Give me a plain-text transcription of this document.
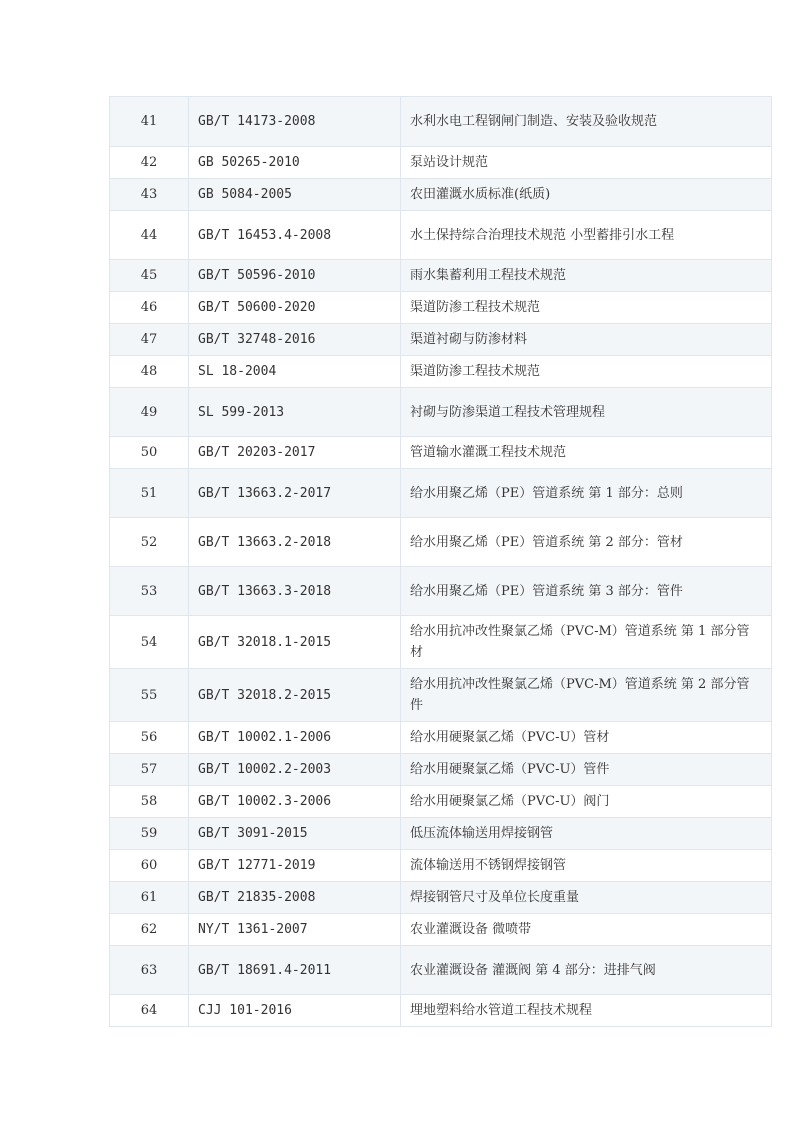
41	GB/T 14173-2008	水利水电工程钢闸门制造、安装及验收规范
42	GB 50265-2010	泵站设计规范
43	GB 5084-2005	农田灌溉水质标准(纸质)
44	GB/T 16453.4-2008	水土保持综合治理技术规范 小型蓄排引水工程
45	GB/T 50596-2010	雨水集蓄利用工程技术规范
46	GB/T 50600-2020	渠道防渗工程技术规范
47	GB/T 32748-2016	渠道衬砌与防渗材料
48	SL 18-2004	渠道防渗工程技术规范
49	SL 599-2013	衬砌与防渗渠道工程技术管理规程
50	GB/T 20203-2017	管道输水灌溉工程技术规范
51	GB/T 13663.2-2017	给水用聚乙烯（PE）管道系统 第 1 部分：总则
52	GB/T 13663.2-2018	给水用聚乙烯（PE）管道系统 第 2 部分：管材
53	GB/T 13663.3-2018	给水用聚乙烯（PE）管道系统 第 3 部分：管件
54	GB/T 32018.1-2015	给水用抗冲改性聚氯乙烯（PVC-M）管道系统 第 1 部分管材
55	GB/T 32018.2-2015	给水用抗冲改性聚氯乙烯（PVC-M）管道系统 第 2 部分管件
56	GB/T 10002.1-2006	给水用硬聚氯乙烯（PVC-U）管材
57	GB/T 10002.2-2003	给水用硬聚氯乙烯（PVC-U）管件
58	GB/T 10002.3-2006	给水用硬聚氯乙烯（PVC-U）阀门
59	GB/T 3091-2015	低压流体输送用焊接钢管
60	GB/T 12771-2019	流体输送用不锈钢焊接钢管
61	GB/T 21835-2008	焊接钢管尺寸及单位长度重量
62	NY/T 1361-2007	农业灌溉设备 微喷带
63	GB/T 18691.4-2011	农业灌溉设备 灌溉阀 第 4 部分：进排气阀
64	CJJ 101-2016	埋地塑料给水管道工程技术规程
